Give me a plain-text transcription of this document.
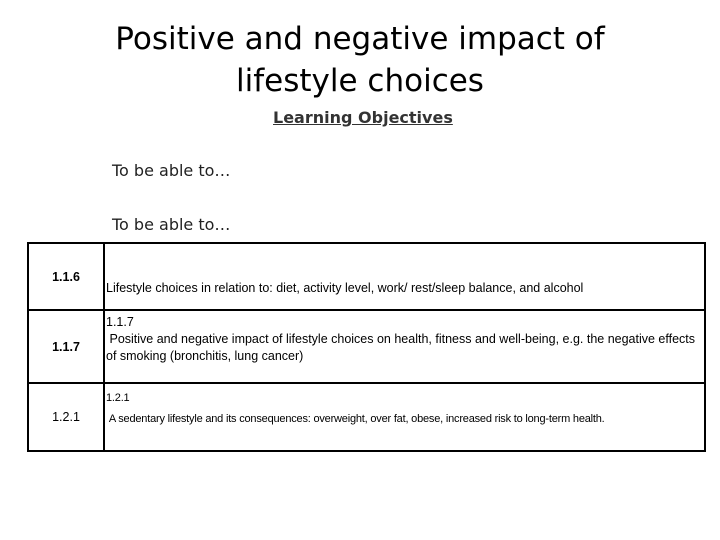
Positive and negative impact of lifestyle choices
Learning Objectives
To be able to…
To be able to…
1.1.6	Lifestyle choices in relation to: diet, activity level, work/ rest/sleep balance, and alcohol

1.1.7	1.1.7
Positive and negative impact of lifestyle choices on health, fitness and well-being, e.g. the negative effects of smoking (bronchitis, lung cancer)

1.2.1	1.2.1
A sedentary lifestyle and its consequences: overweight, over fat, obese, increased risk to long-term health.
